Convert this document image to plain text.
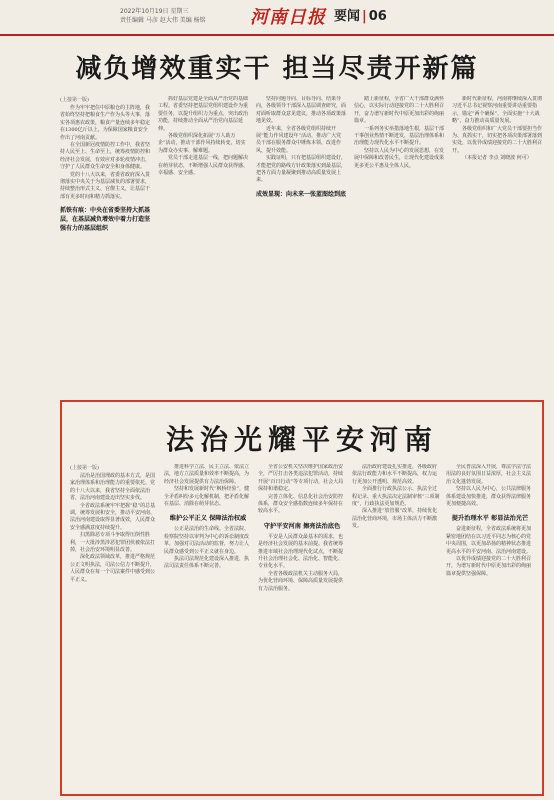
2022年10月19日 星期三
责任编辑 马彦 赵大伟 美编 杨铭 河南日报 要闻 | 06
减负增效重实干 担当尽责开新篇

(上接第一版)

作为牢牢把住中原粮仓的主阵地，我省始终坚持把粮食生产作为头等大事，落实各项惠农政策，粮食产量连续多年稳定在1300亿斤以上，为保障国家粮食安全作出了河南贡献。

在全国新冠疫情防控工作中，我省坚持人民至上、生命至上，统筹疫情防控和经济社会发展，有效应对多轮疫情冲击，守护了人民群众生命安全和身体健康。

党的十八大以来，省委省政府深入贯彻落实中央关于为基层减负的部署要求，持续整治形式主义、官僚主义，让基层干部有更多时间和精力抓落实。

抓铁有痕：中央在省委坚持大抓基层，在基层减负增效中着力打造坚强有力的基层组织

抓好基层党建是全面从严治党的基础工程。省委坚持把基层党组织建设作为重要任务，以提升组织力为重点，突出政治功能，持续推动全面从严治党向基层延伸。

各级党组织深化拓展“万人助万企”活动，推动干部作风持续转变，切实为群众办实事、解难题。

党员干部走进基层一线，把问题解决在萌芽状态，不断增强人民群众获得感、幸福感、安全感。

坚持问题导向、目标导向、结果导向，各级领导干部深入基层调查研究，面对面听取群众意见建议，推动各项政策落地见效。

近年来，全省各级党组织持续开展“能力作风建设年”活动，推动广大党员干部在服务群众中锤炼本领、改进作风、提升效能。

实践证明，只有把基层组织建设好，才能把党的路线方针政策落实到最基层，把各方面力量凝聚到推动高质量发展上来。

成效显现：向未来一张蓝图绘到底

踏上新征程，全省广大干部群众满怀信心，以实际行动迎接党的二十大胜利召开，奋力谱写新时代中原更加出彩的绚丽篇章。

一系列务实举措落地生根，基层干部干事创业热情不断迸发，基层治理体系和治理能力现代化水平不断提升。

坚持以人民为中心的发展思想，在发展中保障和改善民生，让现代化建设成果更多更公平惠及全体人民。

新时代新征程，河南将继续深入贯彻习近平总书记视察河南重要讲话重要指示，锚定“两个确保”，全面实施“十大战略”，奋力推动高质量发展。

各级党组织和广大党员干部要担当作为、真抓实干，切实把各项决策部署落到实处，以优异成绩迎接党的二十大胜利召开。

（本报记者 李点 刘晓波 何可）

法治光耀平安河南

(上接第一版)

法治是治国理政的基本方式，是国家治理体系和治理能力的重要依托。党的十八大以来，我省坚持全面依法治省，法治河南建设迈出坚实步伐。

全省政法系统牢牢把握“稳”的总基调，统筹发展和安全，推动平安河南、法治河南建设取得显著成效，人民群众安全感满意度持续提升。

扫黑除恶专项斗争取得压倒性胜利，一大批涉黑涉恶犯罪团伙被依法打掉，社会治安环境明显改善。

深化政法领域改革，推进严格规范公正文明执法，司法公信力不断提升，人民群众在每一个司法案件中感受到公平正义。

推进科学立法、民主立法、依法立法，地方立法质量和效率不断提高，为经济社会发展提供有力法治保障。

坚持和发展新时代“枫桥经验”，健全矛盾纠纷多元化解机制，把矛盾化解在基层、消除在萌芽状态。

维护公平正义 保障法治权威

公正是法治的生命线。全省法院、检察院坚持以审判为中心的诉讼制度改革，加强对司法活动的监督，努力让人民群众感受到公平正义就在身边。

执法司法规范化建设深入推进，执法司法责任体系不断完善。

全省公安机关坚决维护国家政治安全，严厉打击各类违法犯罪活动，持续开展“百日行动”等专项行动，社会大局保持和谐稳定。

完善立体化、信息化社会治安防控体系，群众安全感指数连续多年保持在较高水平。

守护平安河南 擦亮法治底色

平安是人民群众最基本的需求，也是经济社会发展的基本前提。我省统筹推进市域社会治理现代化试点，不断提升社会治理社会化、法治化、智能化、专业化水平。

全省各级政法机关主动服务大局，为优化营商环境、保障高质量发展提供有力法治服务。

法治政府建设扎实推进，各级政府依法行政能力和水平不断提高，权力运行更加公开透明、规范高效。

全面推行行政执法公示、执法全过程记录、重大执法决定法制审核“三项制度”，行政执法更加规范。

深入推进“放管服”改革，持续优化法治化营商环境，市场主体活力不断激发。

全民普法深入开展，尊法学法守法用法的良好氛围日益浓厚，社会主义法治文化蓬勃发展。

坚持以人民为中心，公共法律服务体系建设加快推进，群众获得法律服务更加便捷高效。

提升治理水平 彰显法治光芒

奋进新征程，全省政法系统将更加紧密地团结在以习近平同志为核心的党中央周围，以更加昂扬的精神状态推进更高水平的平安河南、法治河南建设。

以优异成绩迎接党的二十大胜利召开，为谱写新时代中原更加出彩的绚丽篇章提供坚强保障。
